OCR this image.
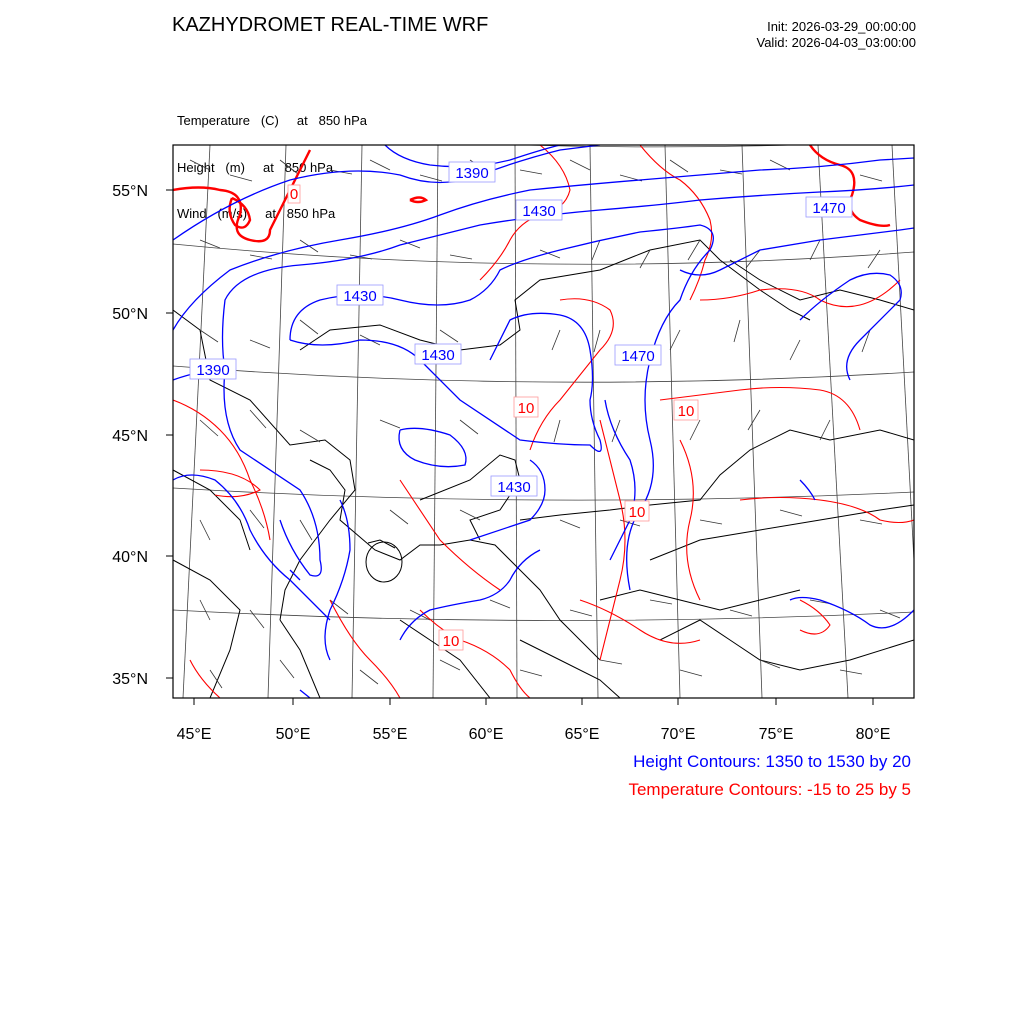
KAZHYDROMET REAL-TIME WRF	Init: 2026-03-29_00:00:00
Valid: 2026-04-03_03:00:00

Temperature   (C)     at   850 hPa

Height   (m)     at   850 hPa

Wind   (m/s)     at   850 hPa

1390
1430	1470
1430
1390
1430	1470
1430
0
10	10
10
10
55°N
50°N
45°N
40°N
35°N
45°E	50°E	55°E	60°E	65°E	70°E	75°E	80°E
Height Contours: 1350 to 1530 by 20
Temperature Contours: -15 to 25 by 5
